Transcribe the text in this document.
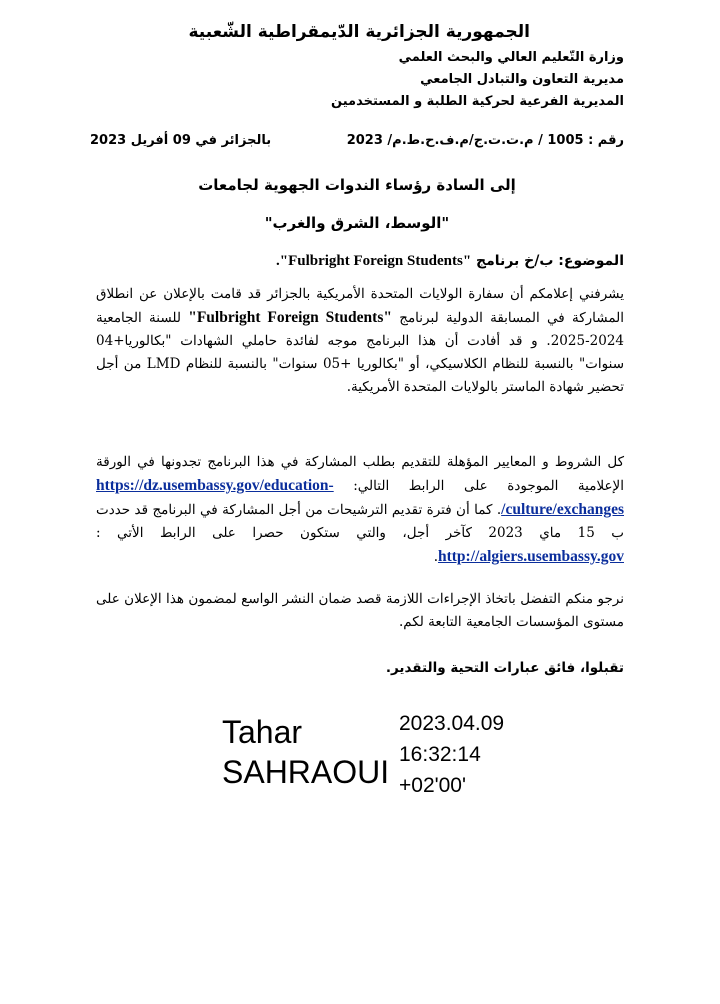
الجمهورية الجزائرية الدّيمقراطية الشّعبية
وزارة التّعليم العالي والبحث العلمي
مديرية التعاون والتبادل الجامعي
المديرية الفرعية لحركية الطلبة و المستخدمين
رقم : 1005 / م.ت.ت.ج/م.ف.ح.ط.م/ 2023
بالجزائر في 09 أفريل 2023
إلى السادة رؤساء الندوات الجهوية لجامعات
"الوسط، الشرق والغرب"
الموضوع: ب/خ برنامج "Fulbright Foreign Students".
يشرفني إعلامكم أن سفارة الولايات المتحدة الأمريكية بالجزائر قد قامت بالإعلان عن انطلاق المشاركة في المسابقة الدولية لبرنامج "Fulbright Foreign Students" للسنة الجامعية 2024-2025. و قد أفادت أن هذا البرنامج موجه لفائدة حاملي الشهادات "بكالوريا+04 سنوات" بالنسبة للنظام الكلاسيكي، أو "بكالوريا +05 سنوات" بالنسبة للنظام LMD من أجل تحضير شهادة الماستر بالولايات المتحدة الأمريكية.
كل الشروط و المعايير المؤهلة للتقديم بطلب المشاركة في هذا البرنامج تجدونها في الورقة الإعلامية الموجودة على الرابط التالي: https://dz.usembassy.gov/education-culture/exchanges/. كما أن فترة تقديم الترشيحات من أجل المشاركة في البرنامج قد حددت ب 15 ماي 2023 كآخر أجل، والتي ستكون حصرا على الرابط الأتي : http://algiers.usembassy.gov.
نرجو منكم التفضل باتخاذ الإجراءات اللازمة قصد ضمان النشر الواسع لمضمون هذا الإعلان على مستوى المؤسسات الجامعية التابعة لكم.
تقبلوا، فائق عبارات التحية والتقدير.
Tahar
SAHRAOUI
2023.04.09
16:32:14
+02'00'
